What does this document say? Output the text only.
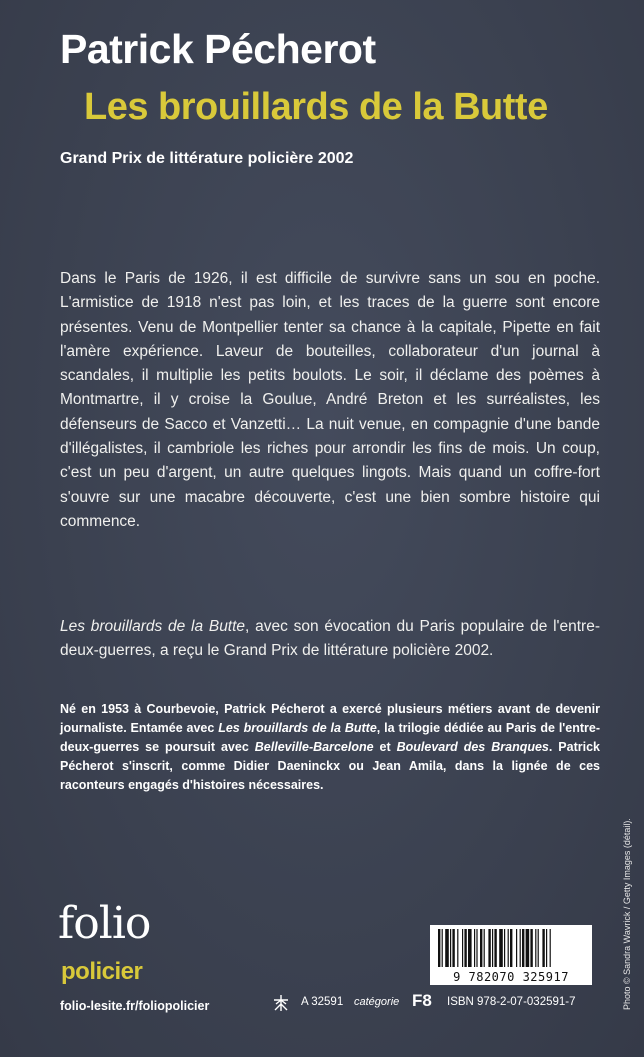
Patrick Pécherot
Les brouillards de la Butte
Grand Prix de littérature policière 2002

Dans le Paris de 1926, il est difficile de survivre sans un sou en poche. L'armistice de 1918 n'est pas loin, et les traces de la guerre sont encore présentes. Venu de Montpellier tenter sa chance à la capitale, Pipette en fait l'amère expérience. Laveur de bouteilles, collaborateur d'un journal à scandales, il multiplie les petits boulots. Le soir, il déclame des poèmes à Montmartre, il y croise la Goulue, André Breton et les surréalistes, les défenseurs de Sacco et Vanzetti… La nuit venue, en compagnie d'une bande d'illégalistes, il cambriole les riches pour arrondir les fins de mois. Un coup, c'est un peu d'argent, un autre quelques lingots. Mais quand un coffre-fort s'ouvre sur une macabre découverte, c'est une bien sombre histoire qui commence.

Les brouillards de la Butte, avec son évocation du Paris populaire de l'entre-deux-guerres, a reçu le Grand Prix de littérature policière 2002.

Né en 1953 à Courbevoie, Patrick Pécherot a exercé plusieurs métiers avant de devenir journaliste. Entamée avec Les brouillards de la Butte, la trilogie dédiée au Paris de l'entre-deux-guerres se poursuit avec Belleville-Barcelone et Boulevard des Branques. Patrick Pécherot s'inscrit, comme Didier Daeninckx ou Jean Amila, dans la lignée de ces raconteurs engagés d'histoires nécessaires.

Photo © Sandra Wavrick / Getty Images (détail).
folio
policier
folio-lesite.fr/foliopolicier	A 32591 catégorie F8 ISBN 978-2-07-032591-7
9 782070 325917
